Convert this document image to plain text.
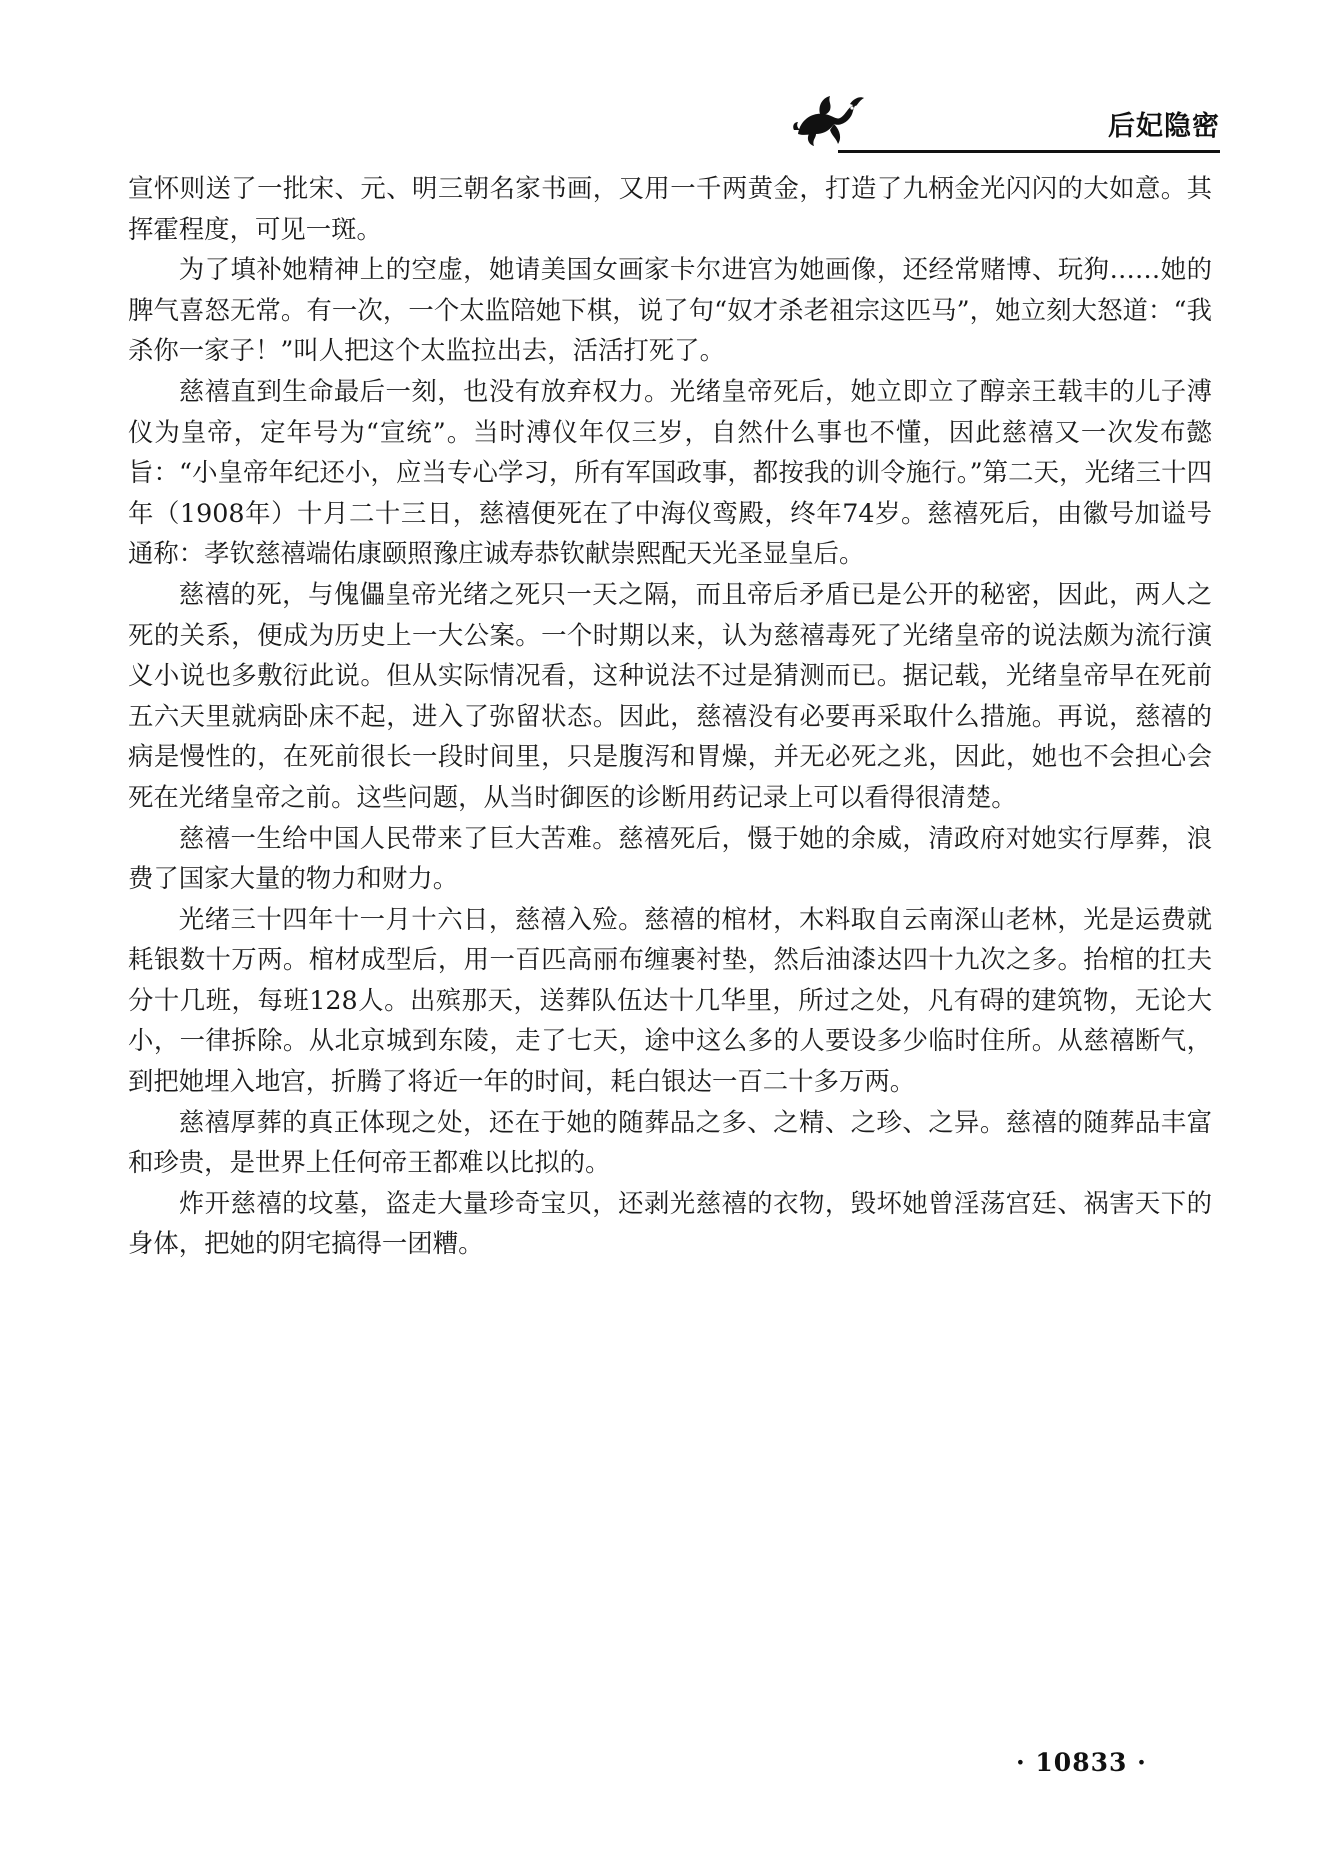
后妃隐密

宣怀则送了一批宋、元、明三朝名家书画，又用一千两黄金，打造了九柄金光闪闪的大如意。其挥霍程度，可见一斑。

为了填补她精神上的空虚，她请美国女画家卡尔进宫为她画像，还经常赌博、玩狗……她的脾气喜怒无常。有一次，一个太监陪她下棋，说了句“奴才杀老祖宗这匹马”，她立刻大怒道：“我杀你一家子！”叫人把这个太监拉出去，活活打死了。

慈禧直到生命最后一刻，也没有放弃权力。光绪皇帝死后，她立即立了醇亲王载丰的儿子溥仪为皇帝，定年号为“宣统”。当时溥仪年仅三岁，自然什么事也不懂，因此慈禧又一次发布懿旨：“小皇帝年纪还小，应当专心学习，所有军国政事，都按我的训令施行。”第二天，光绪三十四年（1908年）十月二十三日，慈禧便死在了中海仪鸾殿，终年74岁。慈禧死后，由徽号加谥号通称：孝钦慈禧端佑康颐照豫庄诚寿恭钦献崇熙配天光圣显皇后。

慈禧的死，与傀儡皇帝光绪之死只一天之隔，而且帝后矛盾已是公开的秘密，因此，两人之死的关系，便成为历史上一大公案。一个时期以来，认为慈禧毒死了光绪皇帝的说法颇为流行演义小说也多敷衍此说。但从实际情况看，这种说法不过是猜测而已。据记载，光绪皇帝早在死前五六天里就病卧床不起，进入了弥留状态。因此，慈禧没有必要再采取什么措施。再说，慈禧的病是慢性的，在死前很长一段时间里，只是腹泻和胃燥，并无必死之兆，因此，她也不会担心会死在光绪皇帝之前。这些问题，从当时御医的诊断用药记录上可以看得很清楚。

慈禧一生给中国人民带来了巨大苦难。慈禧死后，慑于她的余威，清政府对她实行厚葬，浪费了国家大量的物力和财力。

光绪三十四年十一月十六日，慈禧入殓。慈禧的棺材，木料取自云南深山老林，光是运费就耗银数十万两。棺材成型后，用一百匹高丽布缠裹衬垫，然后油漆达四十九次之多。抬棺的扛夫分十几班，每班128人。出殡那天，送葬队伍达十几华里，所过之处，凡有碍的建筑物，无论大小，一律拆除。从北京城到东陵，走了七天，途中这么多的人要设多少临时住所。从慈禧断气，到把她埋入地宫，折腾了将近一年的时间，耗白银达一百二十多万两。

慈禧厚葬的真正体现之处，还在于她的随葬品之多、之精、之珍、之异。慈禧的随葬品丰富和珍贵，是世界上任何帝王都难以比拟的。

炸开慈禧的坟墓，盗走大量珍奇宝贝，还剥光慈禧的衣物，毁坏她曾淫荡宫廷、祸害天下的身体，把她的阴宅搞得一团糟。

· 10833 ·
